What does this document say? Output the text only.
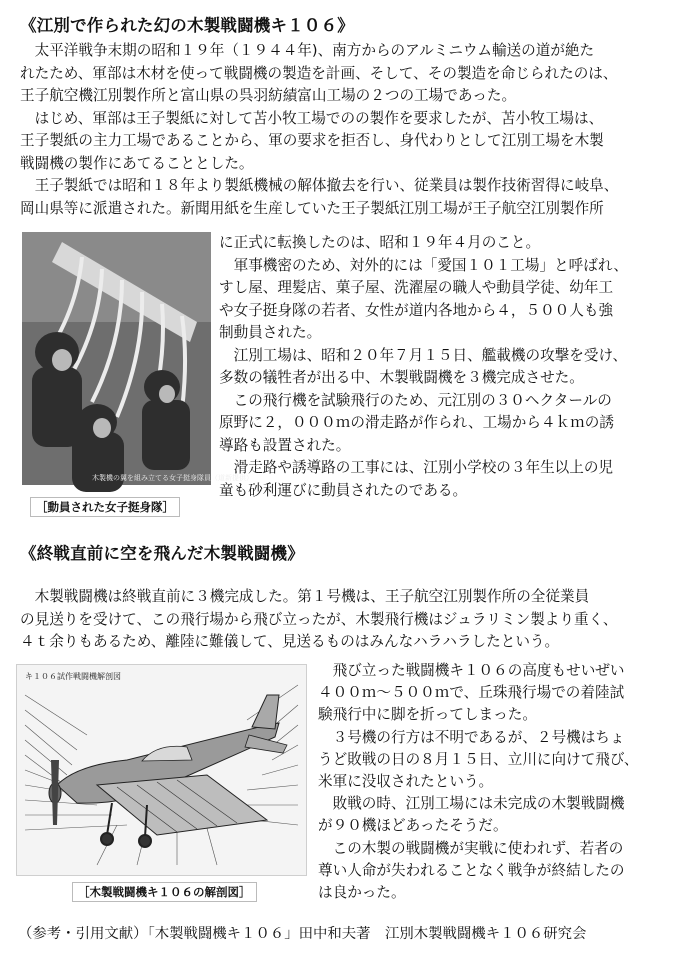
《江別で作られた幻の木製戦闘機キ１０６》
　太平洋戦争末期の昭和１９年（１９４４年)、南方からのアルミニウム輸送の道が絶た
れたため、軍部は木材を使って戦闘機の製造を計画、そして、その製造を命じられたのは、
王子航空機江別製作所と富山県の呉羽紡績富山工場の２つの工場であった。
　はじめ、軍部は王子製紙に対して苫小牧工場でのの製作を要求したが、苫小牧工場は、
王子製紙の主力工場であることから、軍の要求を拒否し、身代わりとして江別工場を木製
戦闘機の製作にあてることとした。
　王子製紙では昭和１８年より製紙機械の解体撤去を行い、従業員は製作技術習得に岐阜、
岡山県等に派遣された。新聞用紙を生産していた王子製紙江別工場が王子航空江別製作所
木製機の翼を組み立てる女子挺身隊員（道新提供）
［動員された女子挺身隊］
に正式に転換したのは、昭和１９年４月のこと。
　軍事機密のため、対外的には「愛国１０１工場」と呼ばれ、
すし屋、理髪店、菓子屋、洗濯屋の職人や動員学徒、幼年工
や女子挺身隊の若者、女性が道内各地から４，５００人も強
制動員された。
　江別工場は、昭和２０年７月１５日、艦載機の攻撃を受け、
多数の犠牲者が出る中、木製戦闘機を３機完成させた。
　この飛行機を試験飛行のため、元江別の３０ヘクタールの
原野に２，０００ｍの滑走路が作られ、工場から４ｋｍの誘
導路も設置された。
　滑走路や誘導路の工事には、江別小学校の３年生以上の児
童も砂利運びに動員されたのである。
《終戦直前に空を飛んだ木製戦闘機》
　木製戦闘機は終戦直前に３機完成した。第１号機は、王子航空江別製作所の全従業員
の見送りを受けて、この飛行場から飛び立ったが、木製飛行機はジュラリミン製より重く、
４ｔ余りもあるため、離陸に難儀して、見送るものはみんなハラハラしたという。
キ１０６試作戦闘機解剖図
［木製戦闘機キ１０６の解剖図］
　飛び立った戦闘機キ１０６の高度もせいぜい
４００ｍ〜５００ｍで、丘珠飛行場での着陸試
験飛行中に脚を折ってしまった。
　３号機の行方は不明であるが、２号機はちょ
うど敗戦の日の８月１５日、立川に向けて飛び、
米軍に没収されたという。
　敗戦の時、江別工場には未完成の木製戦闘機
が９０機ほどあったそうだ。
　この木製の戦闘機が実戦に使われず、若者の
尊い人命が失われることなく戦争が終結したの
は良かった。
（参考・引用文献）「木製戦闘機キ１０６」田中和夫著　江別木製戦闘機キ１０６研究会
